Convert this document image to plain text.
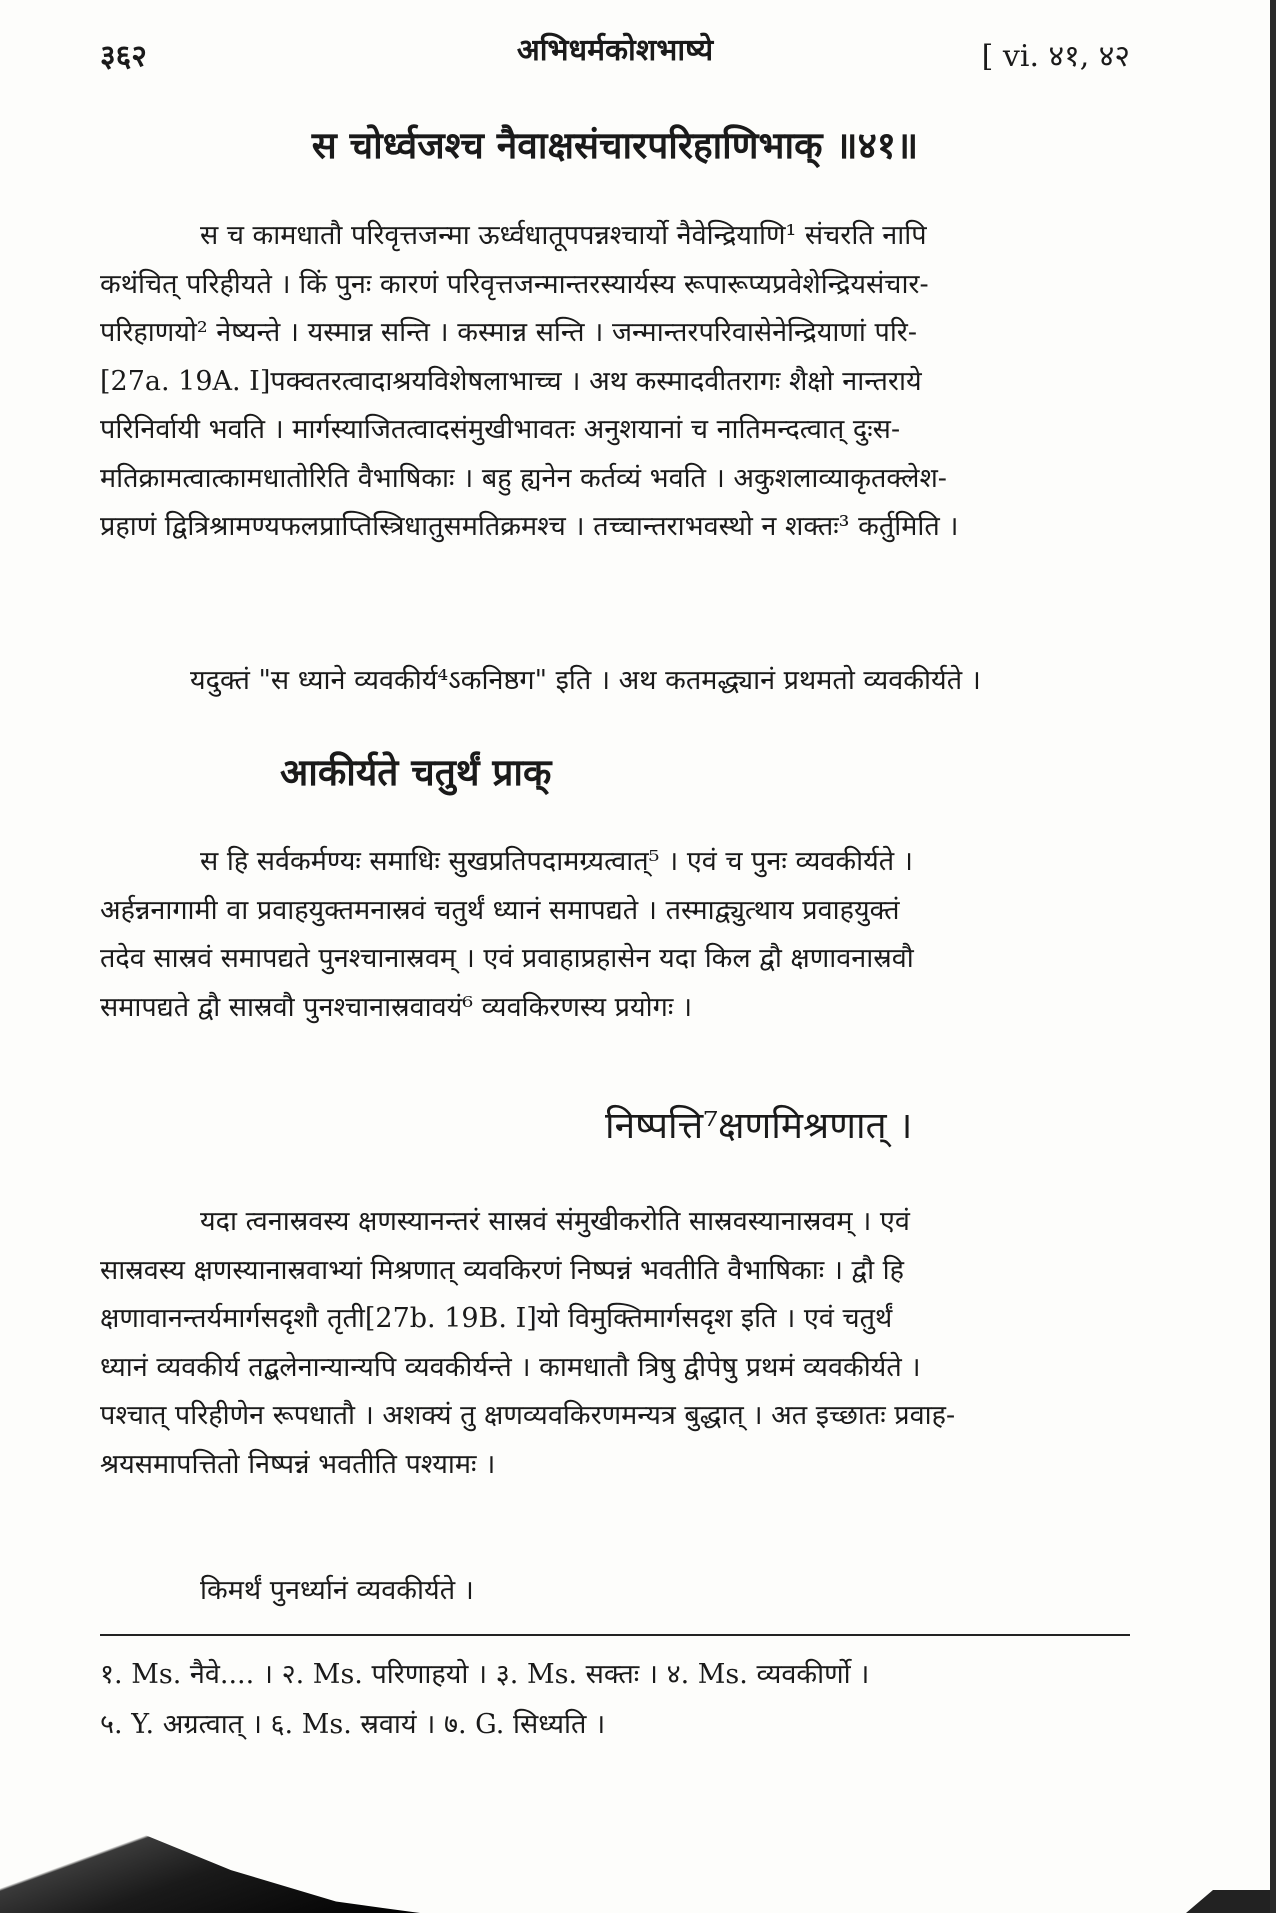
३६२	अभिधर्मकोशभाष्ये	[ vi. ४१, ४२
स चोर्ध्वजश्च नैवाक्षसंचारपरिहाणिभाक् ॥४१॥
स च कामधातौ परिवृत्तजन्मा ऊर्ध्वधातूपपन्नश्चार्यो नैवेन्द्रियाणि¹ संचरति नापि
कथंचित् परिहीयते । किं पुनः कारणं परिवृत्तजन्मान्तरस्यार्यस्य रूपारूप्यप्रवेशेन्द्रियसंचार-
परिहाणयो² नेष्यन्ते । यस्मान्न सन्ति । कस्मान्न सन्ति । जन्मान्तरपरिवासेनेन्द्रियाणां परि-
[27a. 19A. I]पक्वतरत्वादाश्रयविशेषलाभाच्च । अथ कस्मादवीतरागः शैक्षो नान्तराये
परिनिर्वायी भवति । मार्गस्याजितत्वादसंमुखीभावतः अनुशयानां च नातिमन्दत्वात् दुःस-
मतिक्रामत्वात्कामधातोरिति वैभाषिकाः । बहु ह्यनेन कर्तव्यं भवति । अकुशलाव्याकृतक्लेश-
प्रहाणं द्वित्रिश्रामण्यफलप्राप्तिस्त्रिधातुसमतिक्रमश्च । तच्चान्तराभवस्थो न शक्तः³ कर्तुमिति ।
यदुक्तं "स ध्याने व्यवकीर्य⁴ऽकनिष्ठग" इति । अथ कतमद्ध्यानं प्रथमतो व्यवकीर्यते ।
आकीर्यते चतुर्थं प्राक्
स हि सर्वकर्मण्यः समाधिः सुखप्रतिपदामग्र्यत्वात्⁵ । एवं च पुनः व्यवकीर्यते ।
अर्हन्ननागामी वा प्रवाहयुक्तमनास्रवं चतुर्थं ध्यानं समापद्यते । तस्माद्व्युत्थाय प्रवाहयुक्तं
तदेव सास्रवं समापद्यते पुनश्चानास्रवम् । एवं प्रवाहाप्रहासेन यदा किल द्वौ क्षणावनास्रवौ
समापद्यते द्वौ सास्रवौ पुनश्चानास्रवावयं⁶ व्यवकिरणस्य प्रयोगः ।
निष्पत्ति⁷क्षणमिश्रणात् ।
यदा त्वनास्रवस्य क्षणस्यानन्तरं सास्रवं संमुखीकरोति सास्रवस्यानास्रवम् । एवं
सास्रवस्य क्षणस्यानास्रवाभ्यां मिश्रणात् व्यवकिरणं निष्पन्नं भवतीति वैभाषिकाः । द्वौ हि
क्षणावानन्तर्यमार्गसदृशौ तृती[27b. 19B. I]यो विमुक्तिमार्गसदृश इति । एवं चतुर्थं
ध्यानं व्यवकीर्य तद्बलेनान्यान्यपि व्यवकीर्यन्ते । कामधातौ त्रिषु द्वीपेषु प्रथमं व्यवकीर्यते ।
पश्चात् परिहीणेन रूपधातौ । अशक्यं तु क्षणव्यवकिरणमन्यत्र बुद्धात् । अत इच्छातः प्रवाह-
श्रयसमापत्तितो निष्पन्नं भवतीति पश्यामः ।
किमर्थं पुनर्ध्यानं व्यवकीर्यते ।
१. Ms. नैवे.... । २. Ms. परिणाहयो । ३. Ms. सक्तः । ४. Ms. व्यवकीर्णो ।
५. Y. अग्रत्वात् । ६. Ms. स्रवायं । ७. G. सिध्यति ।
